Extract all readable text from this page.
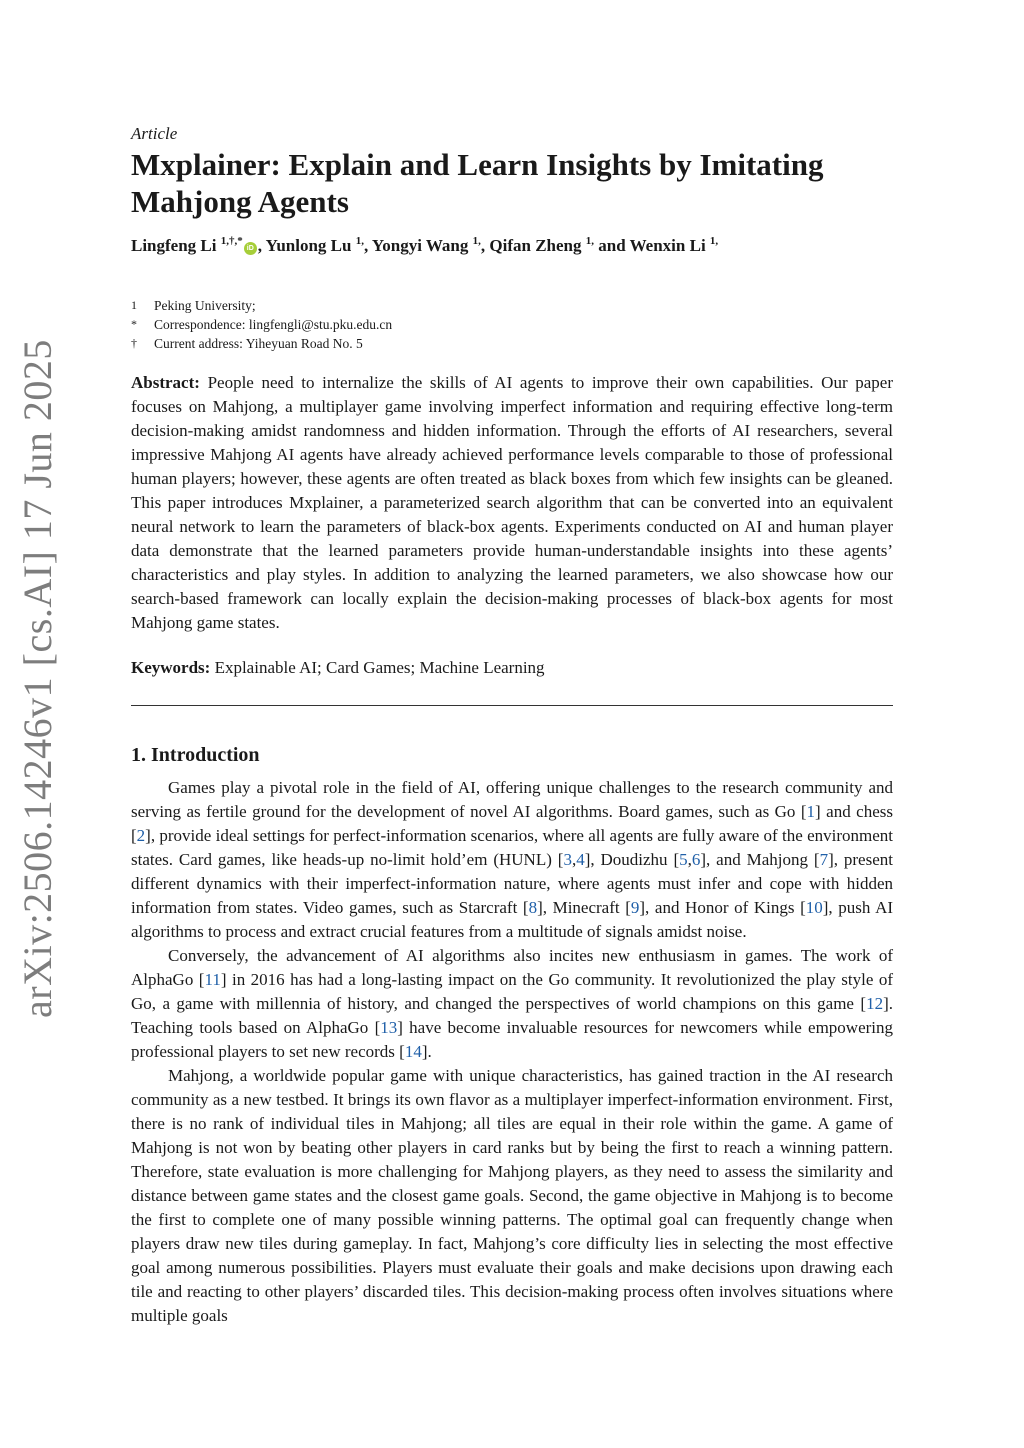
arXiv:2506.14246v1 [cs.AI] 17 Jun 2025
Article
Mxplainer: Explain and Learn Insights by Imitating Mahjong Agents
Lingfeng Li $^{1,\dagger,*}$iD , Yunlong Lu $^{1,}$, Yongyi Wang $^{1,}$, Qifan Zheng $^{1,}$ and Wenxin Li $^{1,}$
1	Peking University;
*	Correspondence: lingfengli@stu.pku.edu.cn
†	Current address: Yiheyuan Road No. 5

Abstract: People need to internalize the skills of AI agents to improve their own capabilities. Our paper focuses on Mahjong, a multiplayer game involving imperfect information and requiring effective long-term decision-making amidst randomness and hidden information. Through the efforts of AI researchers, several impressive Mahjong AI agents have already achieved performance levels comparable to those of professional human players; however, these agents are often treated as black boxes from which few insights can be gleaned. This paper introduces Mxplainer, a parameterized search algorithm that can be converted into an equivalent neural network to learn the parameters of black-box agents. Experiments conducted on AI and human player data demonstrate that the learned parameters provide human-understandable insights into these agents’ characteristics and play styles. In addition to analyzing the learned parameters, we also showcase how our search-based framework can locally explain the decision-making processes of black-box agents for most Mahjong game states.

Keywords: Explainable AI; Card Games; Machine Learning

1. Introduction

Games play a pivotal role in the field of AI, offering unique challenges to the research community and serving as fertile ground for the development of novel AI algorithms. Board games, such as Go [1] and chess [2], provide ideal settings for perfect-information scenarios, where all agents are fully aware of the environment states. Card games, like heads-up no-limit hold’em (HUNL) [3,4], Doudizhu [5,6], and Mahjong [7], present different dynamics with their imperfect-information nature, where agents must infer and cope with hidden information from states. Video games, such as Starcraft [8], Minecraft [9], and Honor of Kings [10], push AI algorithms to process and extract crucial features from a multitude of signals amidst noise.

Conversely, the advancement of AI algorithms also incites new enthusiasm in games. The work of AlphaGo [11] in 2016 has had a long-lasting impact on the Go community. It revolutionized the play style of Go, a game with millennia of history, and changed the perspectives of world champions on this game [12]. Teaching tools based on AlphaGo [13] have become invaluable resources for newcomers while empowering professional players to set new records [14].

Mahjong, a worldwide popular game with unique characteristics, has gained traction in the AI research community as a new testbed. It brings its own flavor as a multiplayer imperfect-information environment. First, there is no rank of individual tiles in Mahjong; all tiles are equal in their role within the game. A game of Mahjong is not won by beating other players in card ranks but by being the first to reach a winning pattern. Therefore, state evaluation is more challenging for Mahjong players, as they need to assess the similarity and distance between game states and the closest game goals. Second, the game objective in Mahjong is to become the first to complete one of many possible winning patterns. The optimal goal can frequently change when players draw new tiles during gameplay. In fact, Mahjong’s core difficulty lies in selecting the most effective goal among numerous possibilities. Players must evaluate their goals and make decisions upon drawing each tile and reacting to other players’ discarded tiles. This decision-making process often involves situations where multiple goals
